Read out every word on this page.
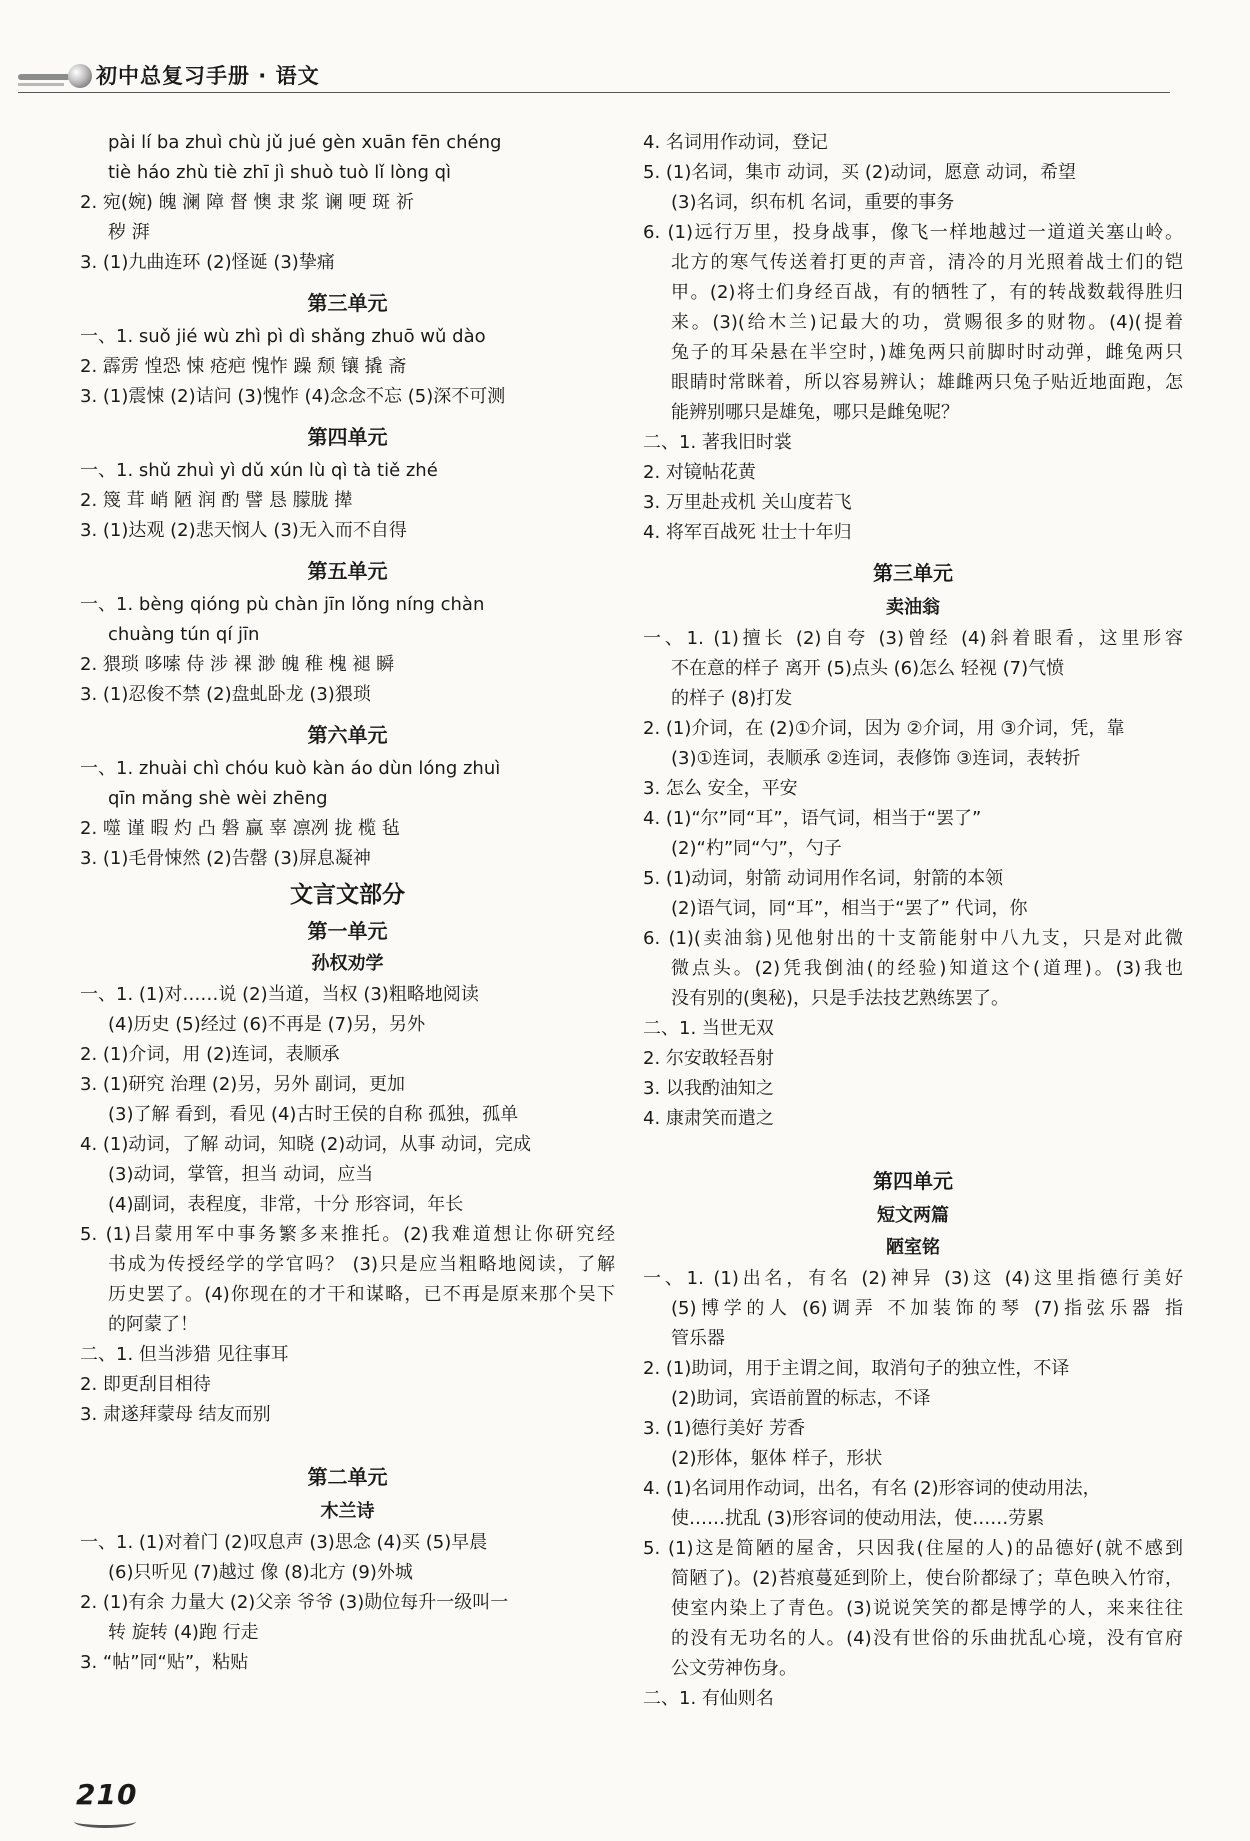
初中总复习手册 · 语文
pài lí ba zhuì chù jǔ jué gèn xuān fēn chéng
tiè háo zhù tiè zhī jì shuò tuò lǐ lòng qì
2. 宛(婉) 魄 澜 障 督 懊 隶 浆 谰 哽 斑 祈
秽 湃
3. (1)九曲连环 (2)怪诞 (3)挚痛
第三单元
一、1. suǒ jié wù zhì pì dì shǎng zhuō wǔ dào
2. 霹雳 惶恐 悚 疮疤 愧怍 躁 颓 镶 撬 斋
3. (1)震悚 (2)诘问 (3)愧怍 (4)念念不忘 (5)深不可测
第四单元
一、1. shǔ zhuì yì dǔ xún lù qì tà tiě zhé
2. 篾 茸 峭 陋 润 酌 譬 恳 朦胧 撵
3. (1)达观 (2)悲天悯人 (3)无入而不自得
第五单元
一、1. bèng qióng pù chàn jīn lǒng níng chàn
chuàng tún qí jīn
2. 猥琐 哆嗦 侍 涉 裸 渺 魄 稚 槐 褪 瞬
3. (1)忍俊不禁 (2)盘虬卧龙 (3)猥琐
第六单元
一、1. zhuài chì chóu kuò kàn áo dùn lóng zhuì
qīn mǎng shè wèi zhēng
2. 噬 谨 暇 灼 凸 磐 赢 辜 凛冽 拢 榄 毡
3. (1)毛骨悚然 (2)告罄 (3)屏息凝神
文言文部分
第一单元
孙权劝学
一、1. (1)对……说 (2)当道，当权 (3)粗略地阅读
(4)历史 (5)经过 (6)不再是 (7)另，另外
2. (1)介词，用 (2)连词，表顺承
3. (1)研究 治理 (2)另，另外 副词，更加
(3)了解 看到，看见 (4)古时王侯的自称 孤独，孤单
4. (1)动词，了解 动词，知晓 (2)动词，从事 动词，完成
(3)动词，掌管，担当 动词，应当
(4)副词，表程度，非常，十分 形容词，年长
5. (1)吕蒙用军中事务繁多来推托。(2)我难道想让你研究经
书成为传授经学的学官吗？ (3)只是应当粗略地阅读，了解
历史罢了。(4)你现在的才干和谋略，已不再是原来那个吴下
的阿蒙了！
二、1. 但当涉猎 见往事耳
2. 即更刮目相待
3. 肃遂拜蒙母 结友而别
第二单元
木兰诗
一、1. (1)对着门 (2)叹息声 (3)思念 (4)买 (5)早晨
(6)只听见 (7)越过 像 (8)北方 (9)外城
2. (1)有余 力量大 (2)父亲 爷爷 (3)勋位每升一级叫一
转 旋转 (4)跑 行走
3. “帖”同“贴”，粘贴
4. 名词用作动词，登记
5. (1)名词，集市 动词，买 (2)动词，愿意 动词，希望
(3)名词，织布机 名词，重要的事务
6. (1)远行万里，投身战事，像飞一样地越过一道道关塞山岭。
北方的寒气传送着打更的声音，清冷的月光照着战士们的铠
甲。(2)将士们身经百战，有的牺牲了，有的转战数载得胜归
来。(3)(给木兰)记最大的功，赏赐很多的财物。(4)(提着
兔子的耳朵悬在半空时，)雄兔两只前脚时时动弹，雌兔两只
眼睛时常眯着，所以容易辨认；雄雌两只兔子贴近地面跑，怎
能辨别哪只是雄兔，哪只是雌兔呢？
二、1. 著我旧时裳
2. 对镜帖花黄
3. 万里赴戎机 关山度若飞
4. 将军百战死 壮士十年归
第三单元
卖油翁
一、1. (1)擅长 (2)自夸 (3)曾经 (4)斜着眼看，这里形容
不在意的样子 离开 (5)点头 (6)怎么 轻视 (7)气愤
的样子 (8)打发
2. (1)介词，在 (2)①介词，因为 ②介词，用 ③介词，凭，靠
(3)①连词，表顺承 ②连词，表修饰 ③连词，表转折
3. 怎么 安全，平安
4. (1)“尔”同“耳”，语气词，相当于“罢了”
(2)“杓”同“勺”，勺子
5. (1)动词，射箭 动词用作名词，射箭的本领
(2)语气词，同“耳”，相当于“罢了” 代词，你
6. (1)(卖油翁)见他射出的十支箭能射中八九支，只是对此微
微点头。(2)凭我倒油(的经验)知道这个(道理)。(3)我也
没有别的(奥秘)，只是手法技艺熟练罢了。
二、1. 当世无双
2. 尔安敢轻吾射
3. 以我酌油知之
4. 康肃笑而遣之
第四单元
短文两篇
陋室铭
一、1. (1)出名，有名 (2)神异 (3)这 (4)这里指德行美好
(5)博学的人 (6)调弄 不加装饰的琴 (7)指弦乐器 指
管乐器
2. (1)助词，用于主谓之间，取消句子的独立性，不译
(2)助词，宾语前置的标志，不译
3. (1)德行美好 芳香
(2)形体，躯体 样子，形状
4. (1)名词用作动词，出名，有名 (2)形容词的使动用法，
使……扰乱 (3)形容词的使动用法，使……劳累
5. (1)这是简陋的屋舍，只因我(住屋的人)的品德好(就不感到
简陋了)。(2)苔痕蔓延到阶上，使台阶都绿了；草色映入竹帘，
使室内染上了青色。(3)说说笑笑的都是博学的人，来来往往
的没有无功名的人。(4)没有世俗的乐曲扰乱心境，没有官府
公文劳神伤身。
二、1. 有仙则名
210
